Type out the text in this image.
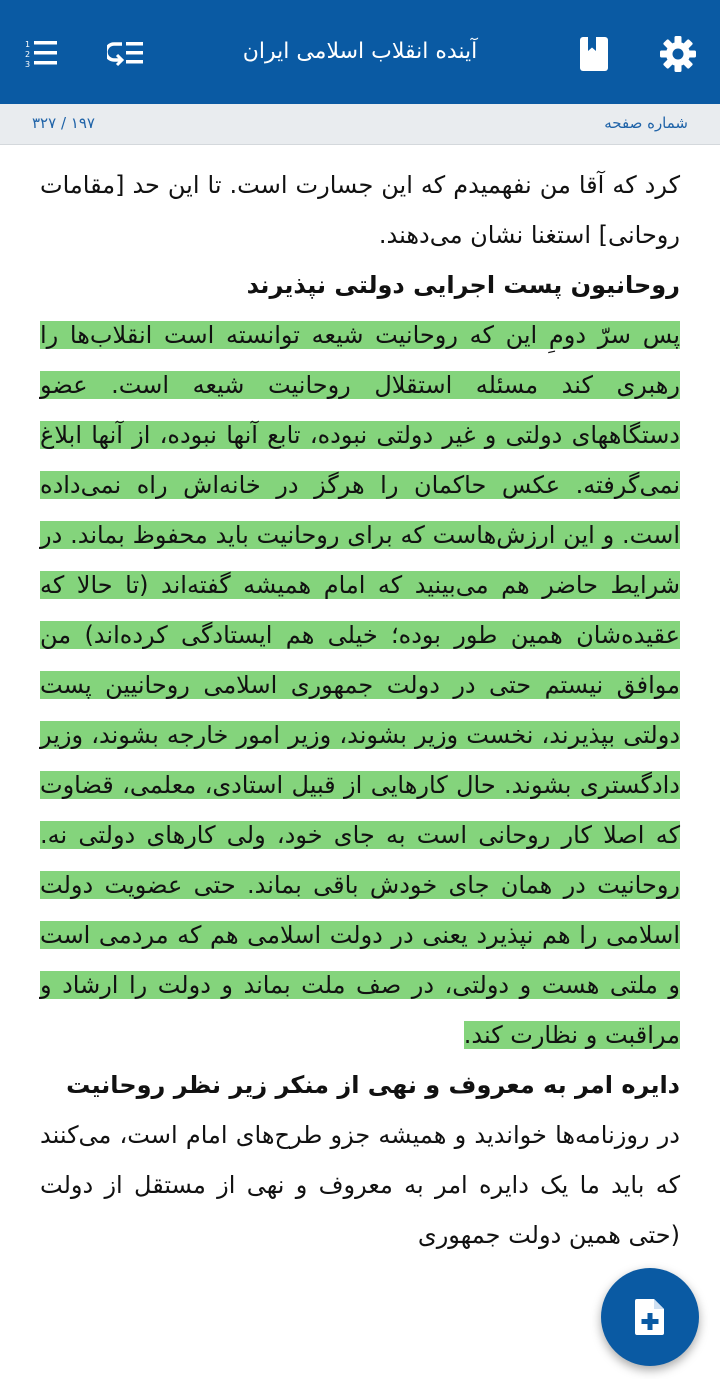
1
2
3
آینده انقلاب اسلامی ایران
شماره صفحه
۱۹۷ / ۳۲۷

کرد که آقا من نفهمیدم که این جسارت است. تا این حد [مقامات روحانی] استغنا نشان می‌دهند.

روحانیون پست اجرایی دولتی نپذیرند

پس سرّ دومِ این که روحانیت شیعه توانسته است انقلاب‌ها را رهبری کند مسئله استقلال روحانیت شیعه است. عضو دستگاههای دولتی و غیر دولتی نبوده، تابع آنها نبوده، از آنها ابلاغ نمی‌گرفته. عکس حاکمان را هرگز در خانه‌اش راه نمی‌داده است. و این ارزش‌هاست که برای روحانیت باید محفوظ بماند. در شرایط حاضر هم می‌بینید که امام همیشه گفته‌اند (تا حالا که عقیده‌شان همین طور بوده؛ خیلی هم ایستادگی کرده‌اند) من موافق نیستم حتی در دولت جمهوری اسلامی روحانیین پست دولتی بپذیرند، نخست وزیر بشوند، وزیر امور خارجه بشوند، وزیر دادگستری بشوند. حال کارهایی از قبیل استادی، معلمی، قضاوت که اصلا کار روحانی است به جای خود، ولی کارهای دولتی نه. روحانیت در همان جای خودش باقی بماند. حتی عضویت دولت اسلامی را هم نپذیرد یعنی در دولت اسلامی هم که مردمی است و ملتی هست و دولتی، در صف ملت بماند و دولت را ارشاد و مراقبت و نظارت کند.

دایره امر به معروف و نهی از منکر زیر نظر روحانیت

در روزنامه‌ها خواندید و همیشه جزو طرح‌های امام است، می‌کنند که باید ما یک دایره امر به معروف و نهی از مستقل از دولت (حتی همین دولت جمهوری
